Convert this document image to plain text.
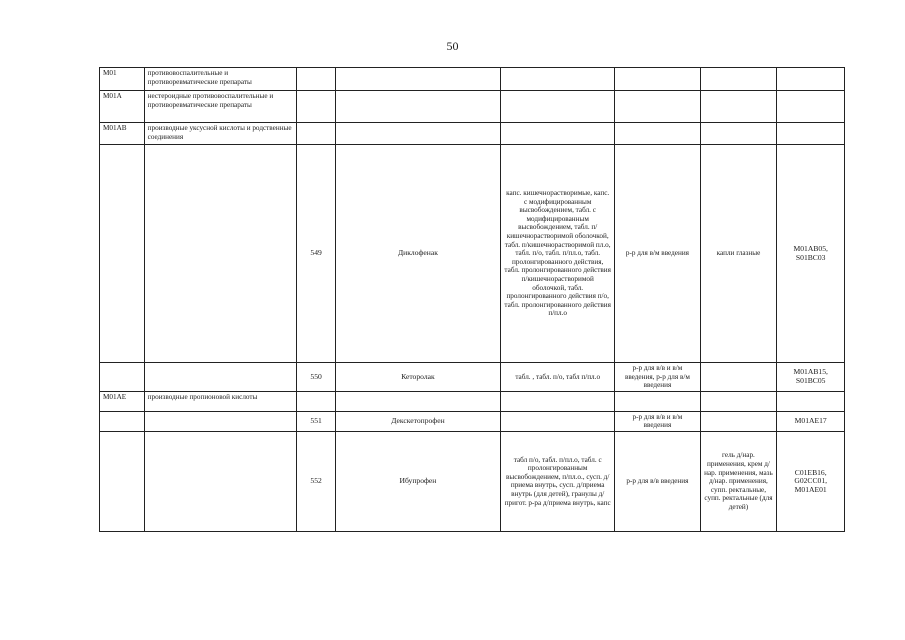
50
M01	противовоспалительные и противоревматические препараты						
M01A	нестероидные противовоспалительные и противоревматические препараты						
M01AB	производные уксусной кислоты и родственные соединения						
		549	Диклофенак	капс. кишечнорастворимые, капс. с модифицированным высвобождением, табл. с модифицированным высвобождением, табл. п/кишечнорастворимой оболочкой, табл. п/кишечнорастворимой пл.о, табл. п/о, табл. п/пл.о, табл. пролонгированного действия, табл. пролонгированного действия п/кишечнорастворимой оболочкой, табл. пролонгированного действия п/о, табл. пролонгированного действия п/пл.о	р-р для в/м введения	капли глазные	M01AB05, S01BC03
		550	Кеторолак	табл. , табл. п/о, табл п/пл.о	р-р для в/в и в/м введения, р-р для в/м введения		M01AB15, S01BC05
M01AE	производные пропионовой кислоты						
		551	Декскетопрофен		р-р для в/в и в/м введения		M01AE17
		552	Ибупрофен	табл п/о, табл. п/пл.о, табл. с пролонгированным высвобождением, п/пл.о., сусп. д/приема внутрь, сусп. д/приема внутрь (для детей), гранулы д/пригот. р-ра д/приема внутрь, капс	р-р для в/в введения	гель д/нар. применения, крем д/нар. применения, мазь д/нар. применения, супп. ректальные, супп. ректальные (для детей)	C01EB16, G02CC01, M01AE01
